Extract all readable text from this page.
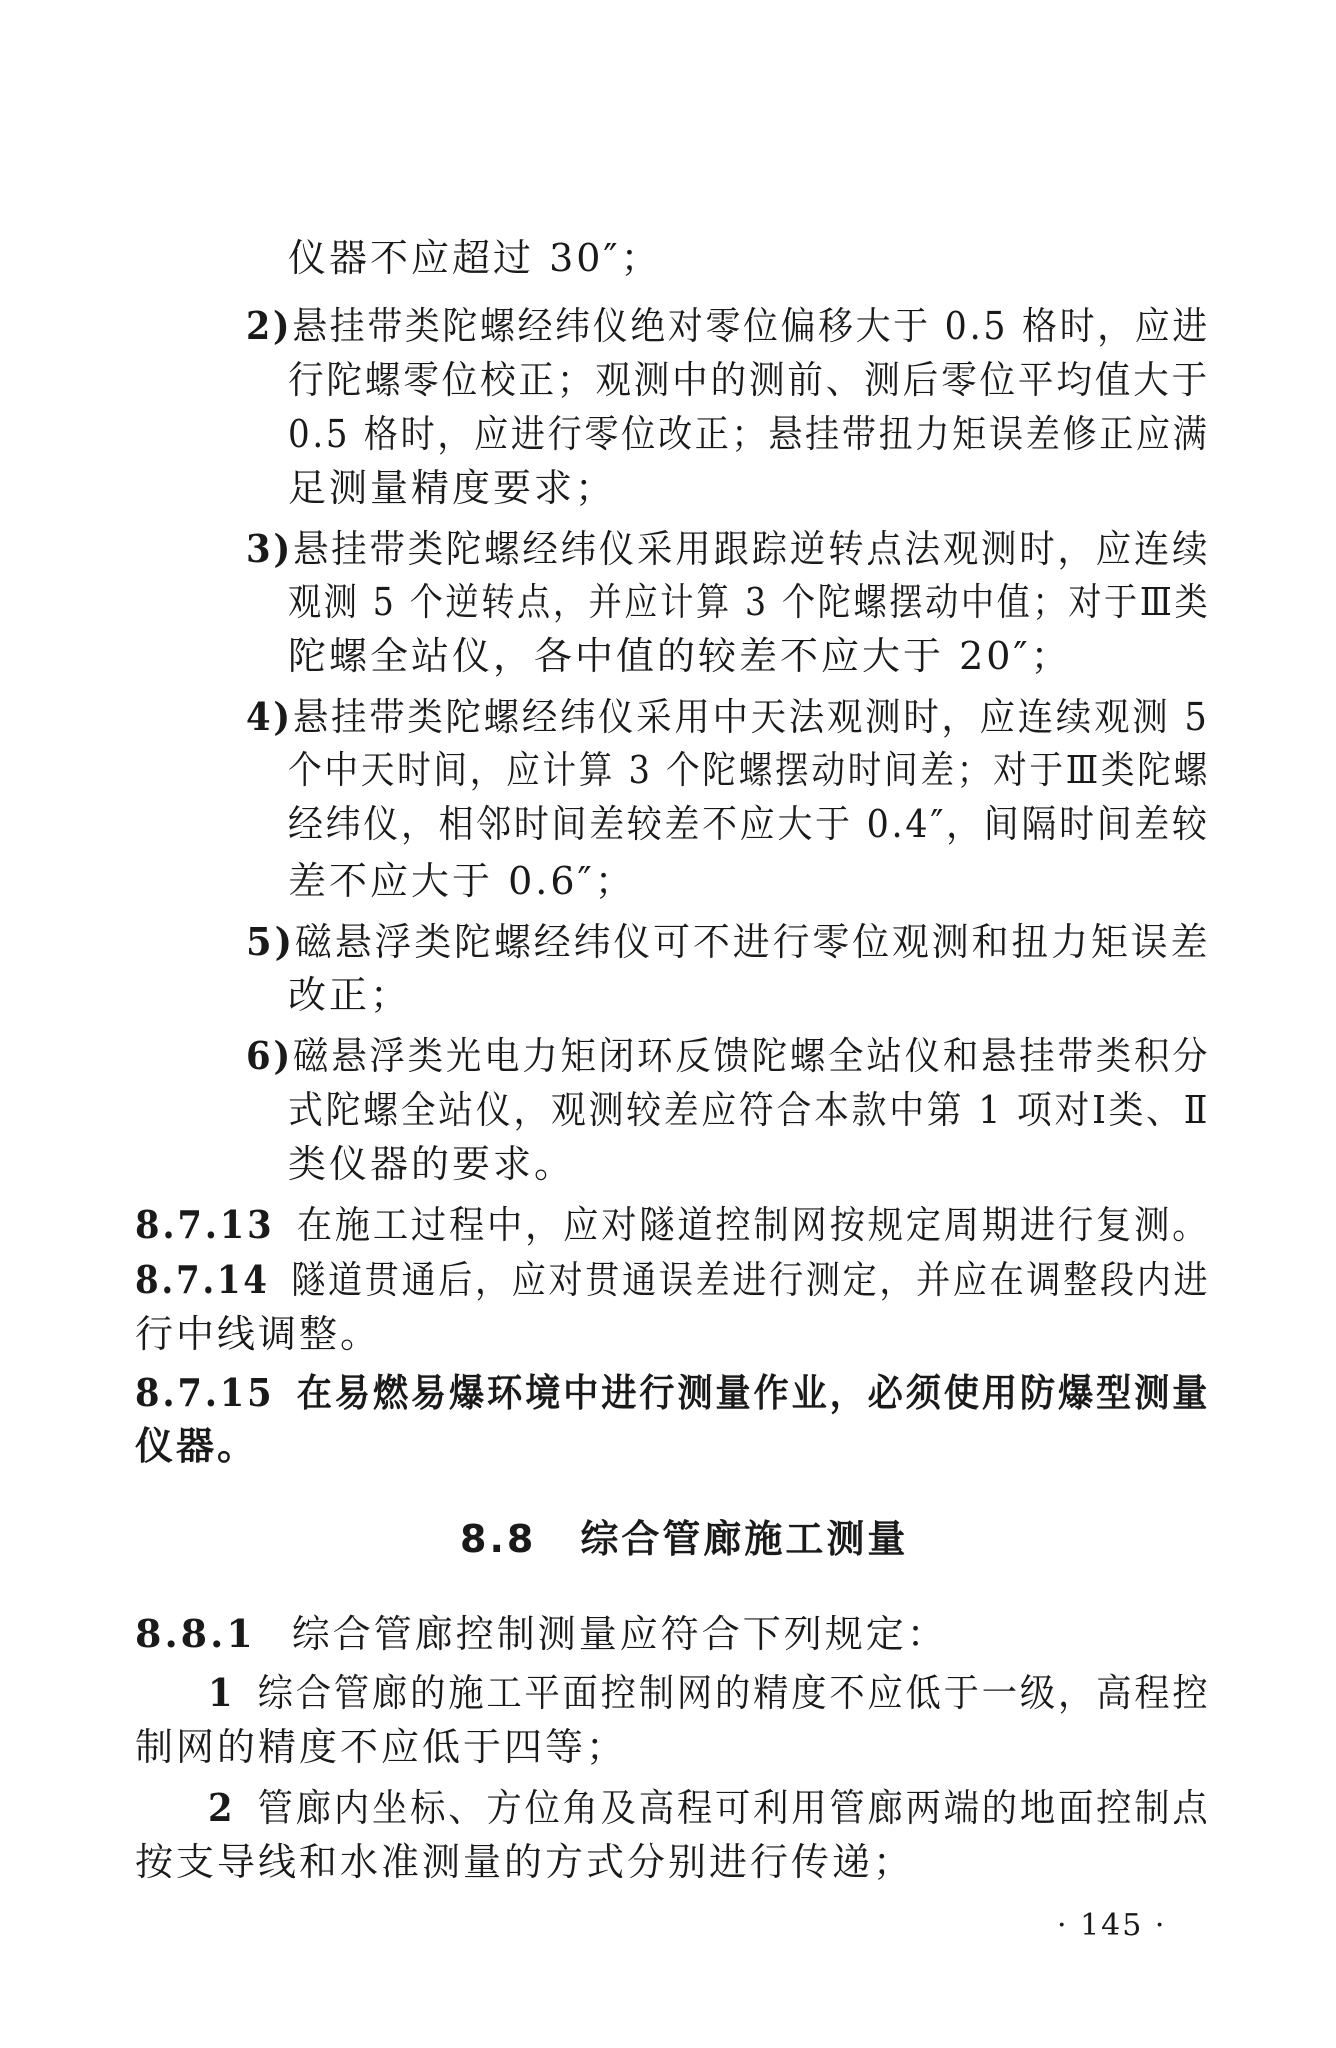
仪器不应超过 30″；

2)悬挂带类陀螺经纬仪绝对零位偏移大于 0.5 格时，应进

行陀螺零位校正；观测中的测前、测后零位平均值大于

0.5 格时，应进行零位改正；悬挂带扭力矩误差修正应满

足测量精度要求；

3)悬挂带类陀螺经纬仪采用跟踪逆转点法观测时，应连续

观测 5 个逆转点，并应计算 3 个陀螺摆动中值；对于Ⅲ类

陀螺全站仪，各中值的较差不应大于 20″；

4)悬挂带类陀螺经纬仪采用中天法观测时，应连续观测 5

个中天时间，应计算 3 个陀螺摆动时间差；对于Ⅲ类陀螺

经纬仪，相邻时间差较差不应大于 0.4″，间隔时间差较

差不应大于 0.6″；

5)磁悬浮类陀螺经纬仪可不进行零位观测和扭力矩误差

改正；

6)磁悬浮类光电力矩闭环反馈陀螺全站仪和悬挂带类积分

式陀螺全站仪，观测较差应符合本款中第 1 项对Ⅰ类、Ⅱ

类仪器的要求。

8.7.13 在施工过程中，应对隧道控制网按规定周期进行复测。

8.7.14 隧道贯通后，应对贯通误差进行测定，并应在调整段内进

行中线调整。

8.7.15 在易燃易爆环境中进行测量作业，必须使用防爆型测量

仪器。

8.8 综合管廊施工测量

8.8.1 综合管廊控制测量应符合下列规定：

1 综合管廊的施工平面控制网的精度不应低于一级，高程控

制网的精度不应低于四等；

2 管廊内坐标、方位角及高程可利用管廊两端的地面控制点

按支导线和水准测量的方式分别进行传递；

· 145 ·
